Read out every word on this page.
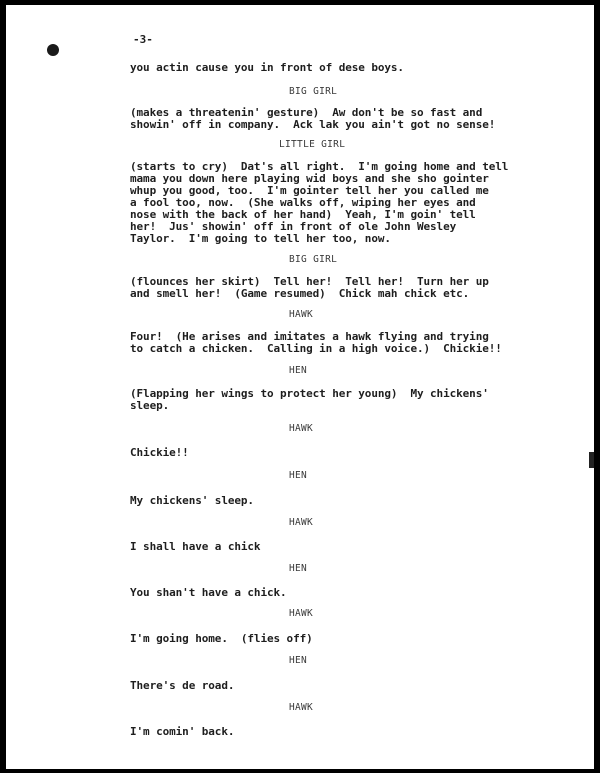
-3-

you actin cause you in front of dese boys.

BIG GIRL

(makes a threatenin' gesture)  Aw don't be so fast and

showin' off in company.  Ack lak you ain't got no sense!

LITTLE GIRL

(starts to cry)  Dat's all right.  I'm going home and tell

mama you down here playing wid boys and she sho gointer

whup you good, too.  I'm gointer tell her you called me

a fool too, now.  (She walks off, wiping her eyes and

nose with the back of her hand)  Yeah, I'm goin' tell

her!  Jus' showin' off in front of ole John Wesley

Taylor.  I'm going to tell her too, now.

BIG GIRL

(flounces her skirt)  Tell her!  Tell her!  Turn her up

and smell her!  (Game resumed)  Chick mah chick etc.

HAWK

Four!  (He arises and imitates a hawk flying and trying

to catch a chicken.  Calling in a high voice.)  Chickie!!

HEN

(Flapping her wings to protect her young)  My chickens'

sleep.

HAWK

Chickie!!

HEN

My chickens' sleep.

HAWK

I shall have a chick

HEN

You shan't have a chick.

HAWK

I'm going home.  (flies off)

HEN

There's de road.

HAWK

I'm comin' back.
